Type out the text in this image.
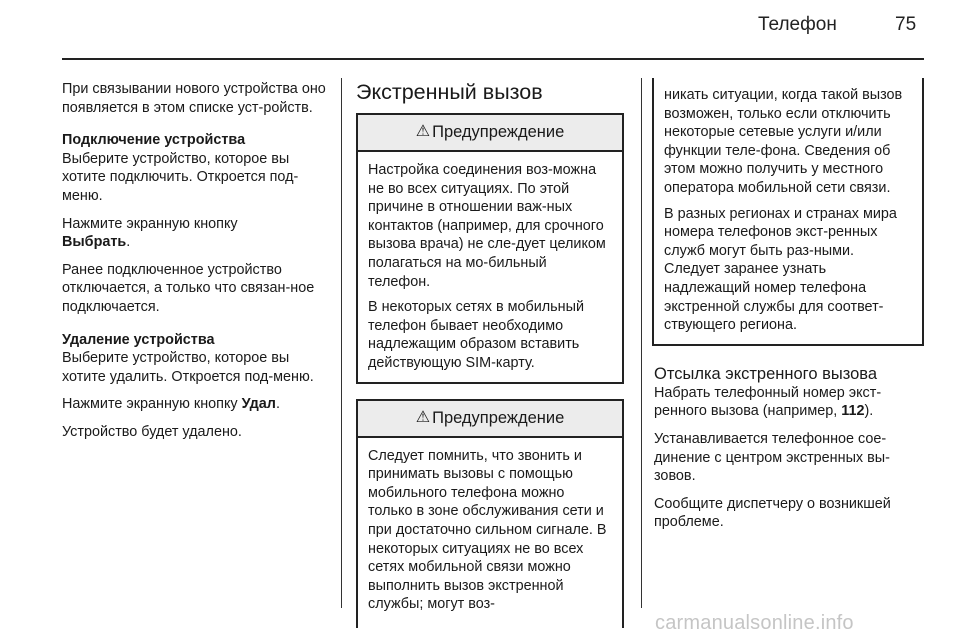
Телефон	75

При связывании нового устройства оно появляется в этом списке уст-ройств.

Подключение устройства

Выберите устройство, которое вы хотите подключить. Откроется под-меню.

Нажмите экранную кнопку
Выбрать.

Ранее подключенное устройство отключается, а только что связан-ное подключается.

Удаление устройства

Выберите устройство, которое вы хотите удалить. Откроется под-меню.

Нажмите экранную кнопку Удал.

Устройство будет удалено.

Экстренный вызов
⚠ Предупреждение

Настройка соединения воз-можна не во всех ситуациях. По этой причине в отношении важ-ных контактов (например, для срочного вызова врача) не сле-дует целиком полагаться на мо-бильный телефон.

В некоторых сетях в мобильный телефон бывает необходимо надлежащим образом вставить действующую SIM-карту.

⚠ Предупреждение

Следует помнить, что звонить и принимать вызовы с помощью мобильного телефона можно только в зоне обслуживания сети и при достаточно сильном сигнале. В некоторых ситуациях не во всех сетях мобильной связи можно выполнить вызов экстренной службы; могут воз-

никать ситуации, когда такой вызов возможен, только если отключить некоторые сетевые услуги и/или функции теле-фона. Сведения об этом можно получить у местного оператора мобильной сети связи.

В разных регионах и странах мира номера телефонов экст-ренных служб могут быть раз-ными. Следует заранее узнать надлежащий номер телефона экстренной службы для соответ-ствующего региона.

Отсылка экстренного вызова

Набрать телефонный номер экст-ренного вызова (например, 112).

Устанавливается телефонное сое-динение с центром экстренных вы-зовов.

Сообщите диспетчеру о возникшей проблеме.

carmanualsonline.info
